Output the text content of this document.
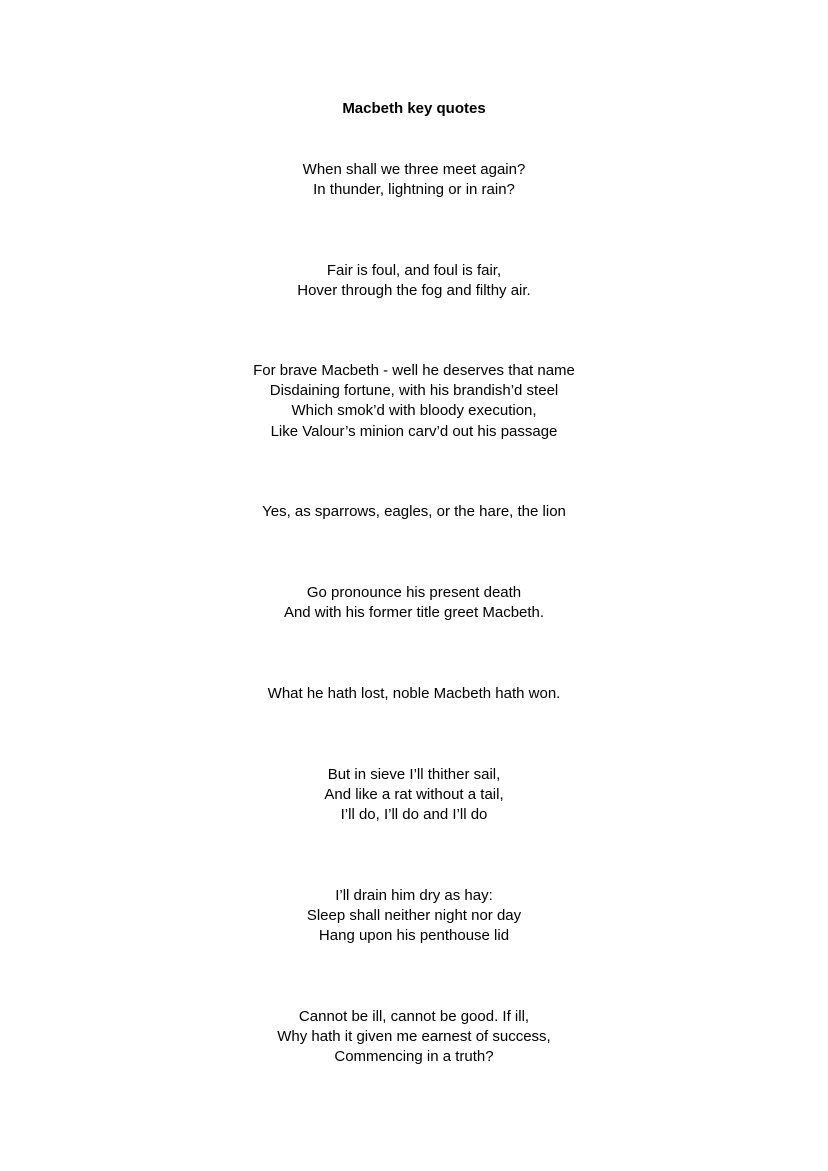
Macbeth key quotes
When shall we three meet again?
In thunder, lightning or in rain?
Fair is foul, and foul is fair,
Hover through the fog and filthy air.
For brave Macbeth - well he deserves that name
Disdaining fortune, with his brandish’d steel
Which smok’d with bloody execution,
Like Valour’s minion carv’d out his passage
Yes, as sparrows, eagles, or the hare, the lion
Go pronounce his present death
And with his former title greet Macbeth.
What he hath lost, noble Macbeth hath won.
But in sieve I’ll thither sail,
And like a rat without a tail,
I’ll do, I’ll do and I’ll do
I’ll drain him dry as hay:
Sleep shall neither night nor day
Hang upon his penthouse lid
Cannot be ill, cannot be good. If ill,
Why hath it given me earnest of success,
Commencing in a truth?
